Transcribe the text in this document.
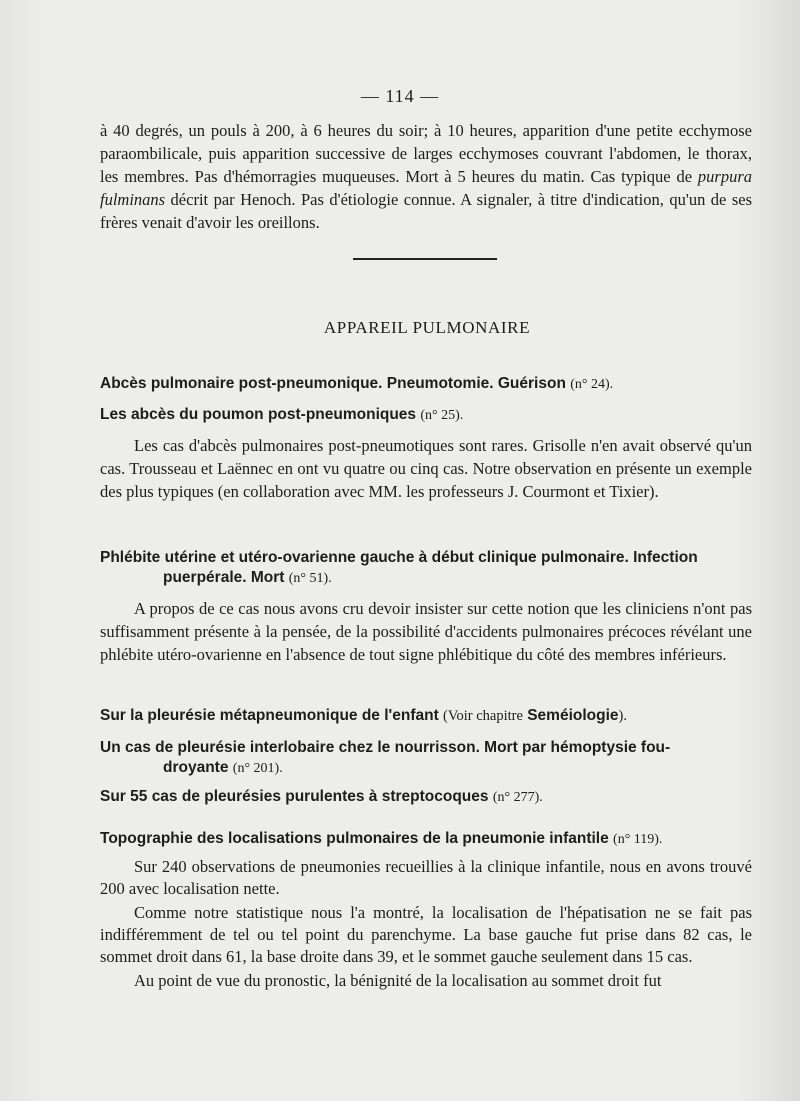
— 114 —

à 40 degrés, un pouls à 200, à 6 heures du soir; à 10 heures, apparition d'une petite ecchymose paraombilicale, puis apparition successive de larges ecchymoses couvrant l'abdomen, le thorax, les membres. Pas d'hémorragies muqueuses. Mort à 5 heures du matin. Cas typique de purpura fulminans décrit par Henoch. Pas d'étiologie connue. A signaler, à titre d'indication, qu'un de ses frères venait d'avoir les oreillons.

APPAREIL PULMONAIRE
Abcès pulmonaire post-pneumonique. Pneumotomie. Guérison (n° 24).
Les abcès du poumon post-pneumoniques (n° 25).

Les cas d'abcès pulmonaires post-pneumotiques sont rares. Grisolle n'en avait observé qu'un cas. Trousseau et Laënnec en ont vu quatre ou cinq cas. Notre observation en présente un exemple des plus typiques (en collaboration avec MM. les professeurs J. Courmont et Tixier).

Phlébite utérine et utéro-ovarienne gauche à début clinique pulmonaire. Infection
puerpérale. Mort (n° 51).

A propos de ce cas nous avons cru devoir insister sur cette notion que les cliniciens n'ont pas suffisamment présente à la pensée, de la possibilité d'accidents pulmonaires précoces révélant une phlébite utéro-ovarienne en l'absence de tout signe phlébitique du côté des membres inférieurs.

Sur la pleurésie métapneumonique de l'enfant (Voir chapitre Seméiologie).
Un cas de pleurésie interlobaire chez le nourrisson. Mort par hémoptysie fou-
droyante (n° 201).
Sur 55 cas de pleurésies purulentes à streptocoques (n° 277).
Topographie des localisations pulmonaires de la pneumonie infantile (n° 119).

Sur 240 observations de pneumonies recueillies à la clinique infantile, nous en avons trouvé 200 avec localisation nette.

Comme notre statistique nous l'a montré, la localisation de l'hépatisation ne se fait pas indifféremment de tel ou tel point du parenchyme. La base gauche fut prise dans 82 cas, le sommet droit dans 61, la base droite dans 39, et le sommet gauche seulement dans 15 cas.

Au point de vue du pronostic, la bénignité de la localisation au sommet droit fut
